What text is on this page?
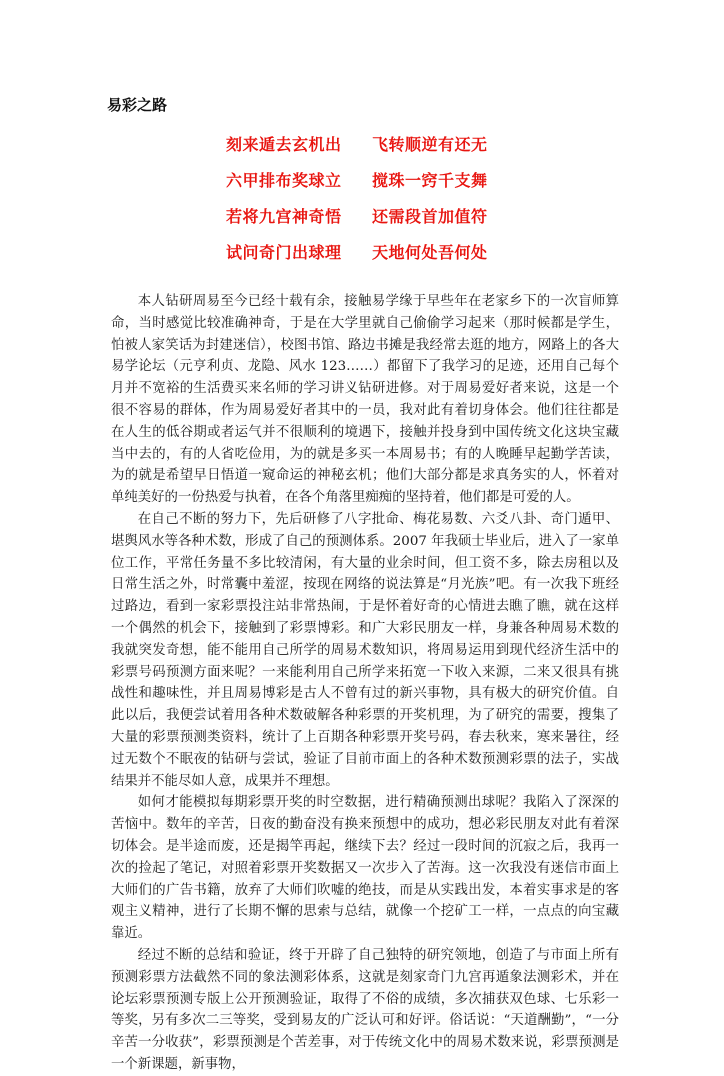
易彩之路
刻来遁去玄机出	飞转顺逆有还无
六甲排布奖球立	搅珠一窍千支舞
若将九宫神奇悟	还需段首加值符
试问奇门出球理	天地何处吾何处

本人钻研周易至今已经十载有余，接触易学缘于早些年在老家乡下的一次盲师算命，当时感觉比较准确神奇，于是在大学里就自己偷偷学习起来（那时候都是学生，怕被人家笑话为封建迷信），校图书馆、路边书摊是我经常去逛的地方，网路上的各大易学论坛（元亨利贞、龙隐、风水 123……）都留下了我学习的足迹，还用自己每个月并不宽裕的生活费买来名师的学习讲义钻研进修。对于周易爱好者来说，这是一个很不容易的群体，作为周易爱好者其中的一员，我对此有着切身体会。他们往往都是在人生的低谷期或者运气并不很顺利的境遇下，接触并投身到中国传统文化这块宝藏当中去的，有的人省吃俭用，为的就是多买一本周易书；有的人晚睡早起勤学苦读，为的就是希望早日悟道一窥命运的神秘玄机；他们大部分都是求真务实的人，怀着对单纯美好的一份热爱与执着，在各个角落里痴痴的坚持着，他们都是可爱的人。

在自己不断的努力下，先后研修了八字批命、梅花易数、六爻八卦、奇门遁甲、堪舆风水等各种术数，形成了自己的预测体系。2007 年我硕士毕业后，进入了一家单位工作，平常任务量不多比较清闲，有大量的业余时间，但工资不多，除去房租以及日常生活之外，时常囊中羞涩，按现在网络的说法算是“月光族”吧。有一次我下班经过路边，看到一家彩票投注站非常热闹，于是怀着好奇的心情进去瞧了瞧，就在这样一个偶然的机会下，接触到了彩票博彩。和广大彩民朋友一样，身兼各种周易术数的我就突发奇想，能不能用自己所学的周易术数知识，将周易运用到现代经济生活中的彩票号码预测方面来呢？一来能利用自己所学来拓宽一下收入来源，二来又很具有挑战性和趣味性，并且周易博彩是古人不曾有过的新兴事物，具有极大的研究价值。自此以后，我便尝试着用各种术数破解各种彩票的开奖机理，为了研究的需要，搜集了大量的彩票预测类资料，统计了上百期各种彩票开奖号码，春去秋来，寒来暑往，经过无数个不眠夜的钻研与尝试，验证了目前市面上的各种术数预测彩票的法子，实战结果并不能尽如人意，成果并不理想。

如何才能模拟每期彩票开奖的时空数据，进行精确预测出球呢？我陷入了深深的苦恼中。数年的辛苦，日夜的勤奋没有换来预想中的成功，想必彩民朋友对此有着深切体会。是半途而废，还是揭竿再起，继续下去？经过一段时间的沉寂之后，我再一次的捡起了笔记，对照着彩票开奖数据又一次步入了苦海。这一次我没有迷信市面上大师们的广告书籍，放弃了大师们吹嘘的绝技，而是从实践出发，本着实事求是的客观主义精神，进行了长期不懈的思索与总结，就像一个挖矿工一样，一点点的向宝藏靠近。

经过不断的总结和验证，终于开辟了自己独特的研究领地，创造了与市面上所有预测彩票方法截然不同的象法测彩体系，这就是刻家奇门九宫再遁象法测彩术，并在论坛彩票预测专版上公开预测验证，取得了不俗的成绩，多次捕获双色球、七乐彩一等奖，另有多次二三等奖，受到易友的广泛认可和好评。俗话说：“天道酬勤”，“一分辛苦一分收获”，彩票预测是个苦差事，对于传统文化中的周易术数来说，彩票预测是一个新课题，新事物，
